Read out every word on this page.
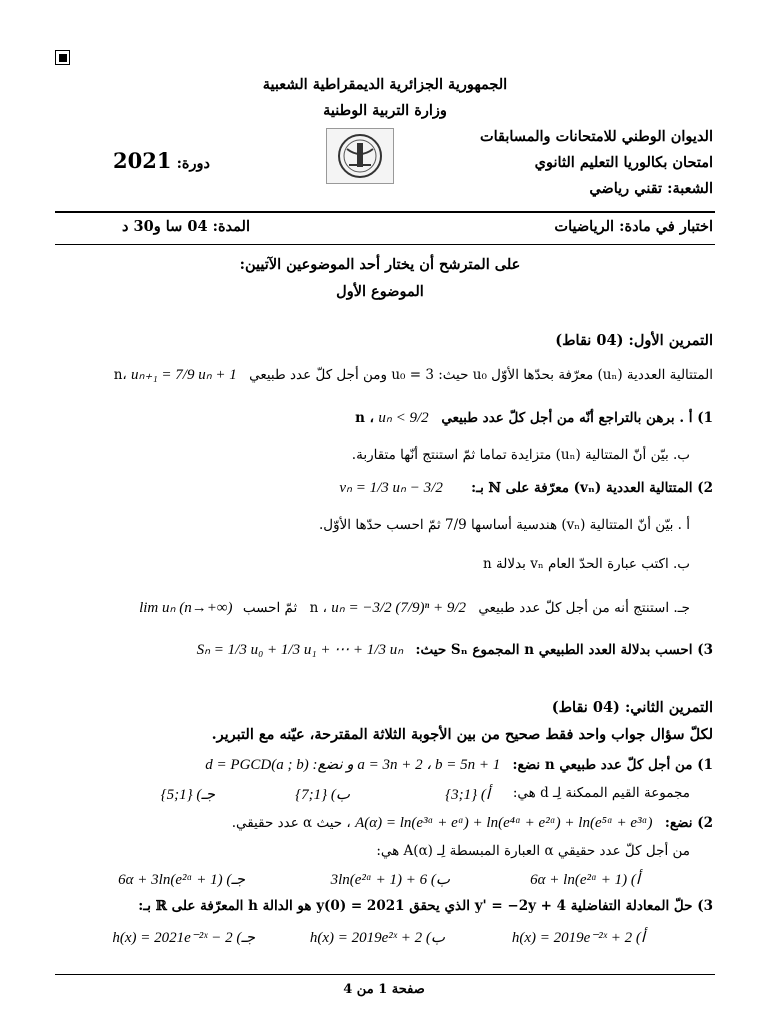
الجمهورية الجزائرية الديمقراطية الشعبية
وزارة التربية الوطنية
الديوان الوطني للامتحانات والمسابقات
امتحان بكالوريا التعليم الثانوي
الشعبة: تقني رياضي
دورة: 2021
اختبار في مادة: الرياضيات
المدة: 04 سا و30 د
على المترشح أن يختار أحد الموضوعين الآتيين:
الموضوع الأول
التمرين الأول: (04 نقاط)
المتتالية العددية (uₙ) معرّفة بحدّها الأوّل u₀ حيث: u₀ = 3 ومن أجل كلّ عدد طبيعي n، uₙ₊₁ = 7/9 uₙ + 1
1) أ . برهن بالتراجع أنّه من أجل كلّ عدد طبيعي n ، uₙ < 9/2
ب. بيّن أنّ المتتالية (uₙ) متزايدة تماما ثمّ استنتج أنّها متقاربة.
2) المتتالية العددية (vₙ) معرّفة على ℕ بـ: vₙ = 1/3 uₙ − 3/2
أ . بيّن أنّ المتتالية (vₙ) هندسية أساسها 7/9 ثمّ احسب حدّها الأوّل.
ب. اكتب عبارة الحدّ العام vₙ بدلالة n
جـ. استنتج أنه من أجل كلّ عدد طبيعي n ، uₙ = −3/2 (7/9)ⁿ + 9/2 ثمّ احسب lim uₙ (n→+∞)
3) احسب بدلالة العدد الطبيعي n المجموع Sₙ حيث: Sₙ = 1/3 u₀ + 1/3 u₁ + ⋯ + 1/3 uₙ
التمرين الثاني: (04 نقاط)
لكلّ سؤال جواب واحد فقط صحيح من بين الأجوبة الثلاثة المقترحة، عيّنه مع التبرير.
1) من أجل كلّ عدد طبيعي n نضع: a = 3n + 2 ، b = 5n + 1 و نضع: d = PGCD(a ; b)
مجموعة القيم الممكنة لِـ d هي:
أ) {1;3}
ب) {1;7}
جـ) {1;5}
2) نضع: A(α) = ln(e³ᵅ + eᵅ) + ln(e⁴ᵅ + e²ᵅ) + ln(e⁵ᵅ + e³ᵅ) ، حيث α عدد حقيقي.
من أجل كلّ عدد حقيقي α العبارة المبسطة لِـ A(α) هي:
أ) 6α + ln(e²ᵅ + 1)
ب) 6 + 3ln(e²ᵅ + 1)
جـ) 6α + 3ln(e²ᵅ + 1)
3) حلّ المعادلة التفاضلية y' = −2y + 4 الذي يحقق y(0) = 2021 هو الدالة h المعرّفة على ℝ بـ:
أ) h(x) = 2019e⁻²ˣ + 2
ب) h(x) = 2019e²ˣ + 2
جـ) h(x) = 2021e⁻²ˣ − 2
صفحة 1 من 4
